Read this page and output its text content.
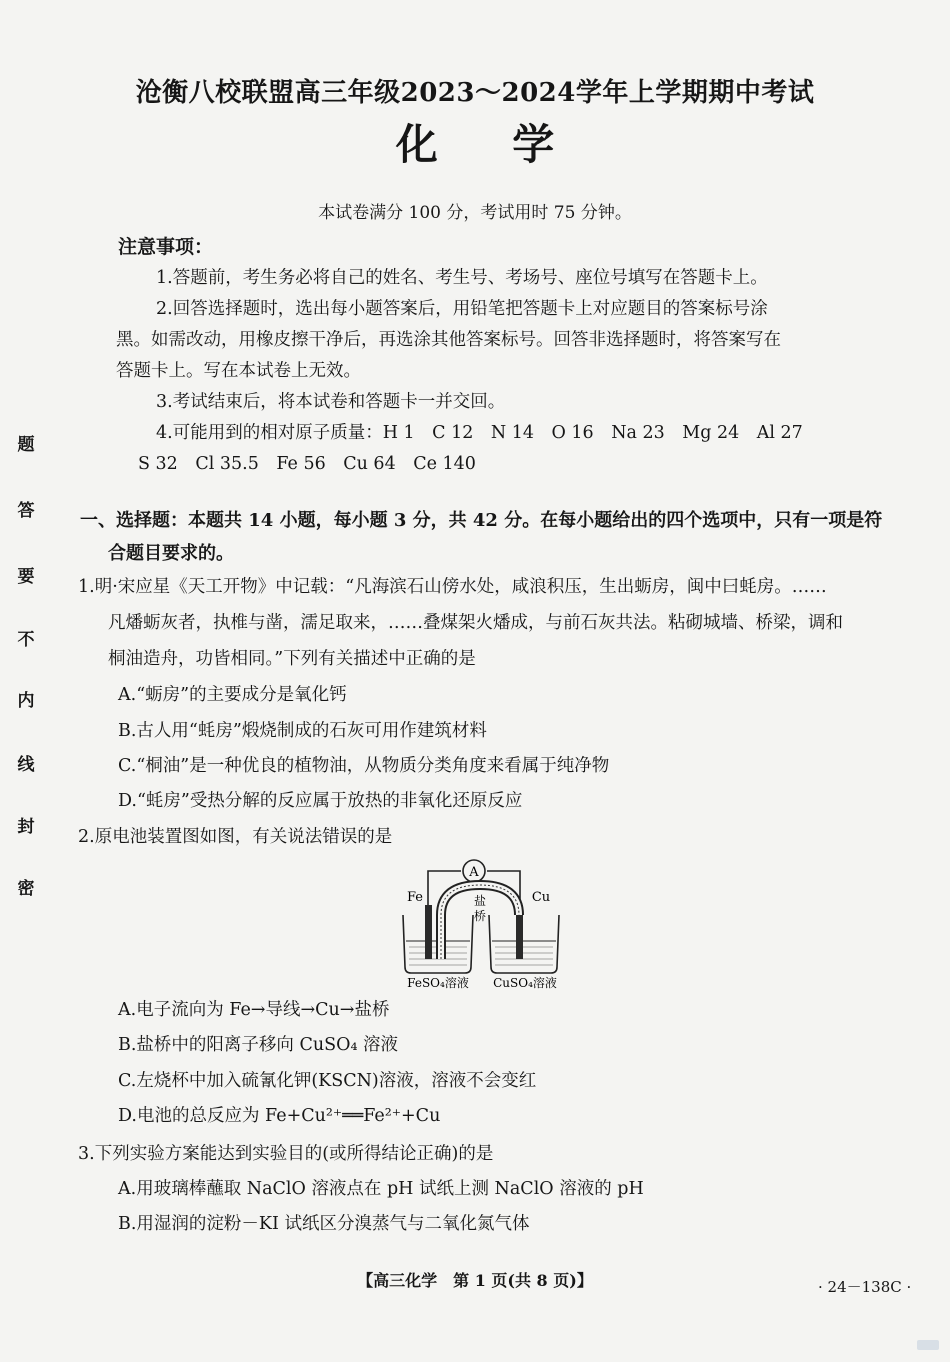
沧衡八校联盟高三年级2023～2024学年上学期期中考试
化 学
本试卷满分 100 分，考试用时 75 分钟。
注意事项：
1.答题前，考生务必将自己的姓名、考生号、考场号、座位号填写在答题卡上。
2.回答选择题时，选出每小题答案后，用铅笔把答题卡上对应题目的答案标号涂
黑。如需改动，用橡皮擦干净后，再选涂其他答案标号。回答非选择题时，将答案写在
答题卡上。写在本试卷上无效。
3.考试结束后，将本试卷和答题卡一并交回。
4.可能用到的相对原子质量：H 1　C 12　N 14　O 16　Na 23　Mg 24　Al 27
S 32　Cl 35.5　Fe 56　Cu 64　Ce 140
一、选择题：本题共 14 小题，每小题 3 分，共 42 分。在每小题给出的四个选项中，只有一项是符
合题目要求的。
1.明·宋应星《天工开物》中记载：“凡海滨石山傍水处，咸浪积压，生出蛎房，闽中曰蚝房。……
凡燔蛎灰者，执椎与凿，濡足取来，……叠煤架火燔成，与前石灰共法。粘砌城墙、桥梁，调和
桐油造舟，功皆相同。”下列有关描述中正确的是
A.“蛎房”的主要成分是氧化钙
B.古人用“蚝房”煅烧制成的石灰可用作建筑材料
C.“桐油”是一种优良的植物油，从物质分类角度来看属于纯净物
D.“蚝房”受热分解的反应属于放热的非氧化还原反应
2.原电池装置图如图，有关说法错误的是
A
盐
桥
Fe	Cu
FeSO₄溶液 CuSO₄溶液
A.电子流向为 Fe→导线→Cu→盐桥
B.盐桥中的阳离子移向 CuSO₄ 溶液
C.左烧杯中加入硫氰化钾(KSCN)溶液，溶液不会变红
D.电池的总反应为 Fe+Cu²⁺══Fe²⁺+Cu
3.下列实验方案能达到实验目的(或所得结论正确)的是
A.用玻璃棒蘸取 NaClO 溶液点在 pH 试纸上测 NaClO 溶液的 pH
B.用湿润的淀粉－KI 试纸区分溴蒸气与二氧化氮气体
题
答
要
不
内
线
封
密
【高三化学　第 1 页(共 8 页)】	· 24－138C ·
